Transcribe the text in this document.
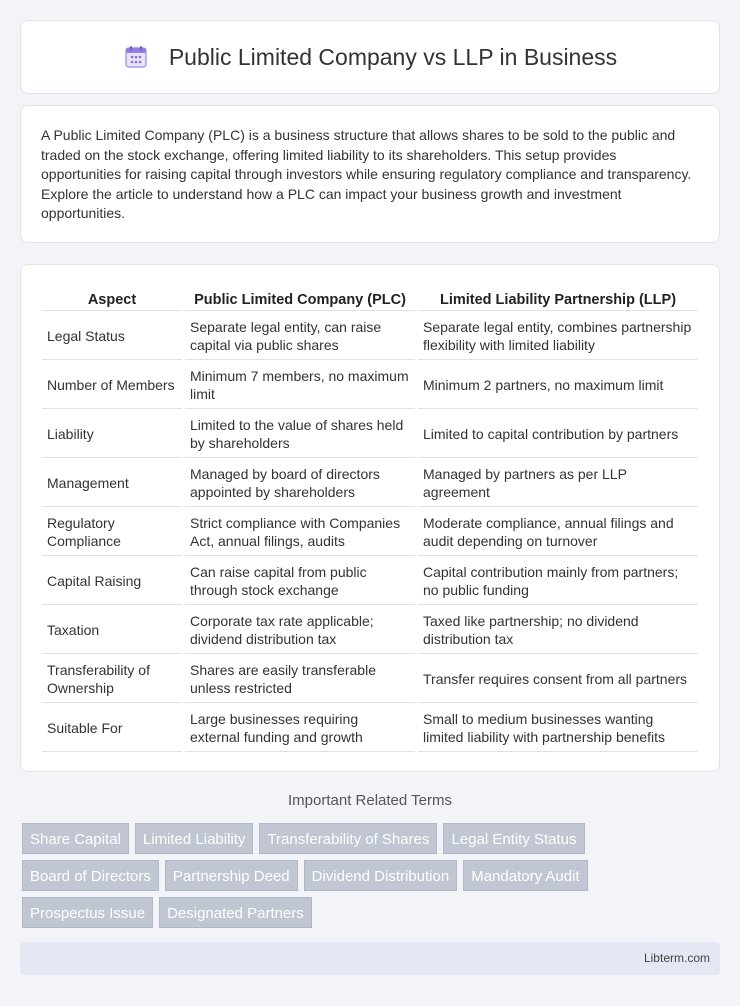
Public Limited Company vs LLP in Business

A Public Limited Company (PLC) is a business structure that allows shares to be sold to the public and traded on the stock exchange, offering limited liability to its shareholders. This setup provides opportunities for raising capital through investors while ensuring regulatory compliance and transparency. Explore the article to understand how a PLC can impact your business growth and investment opportunities.

Aspect	Public Limited Company (PLC)	Limited Liability Partnership (LLP)
Legal Status	Separate legal entity, can raise capital via public shares	Separate legal entity, combines partnership flexibility with limited liability
Number of Members	Minimum 7 members, no maximum limit	Minimum 2 partners, no maximum limit
Liability	Limited to the value of shares held by shareholders	Limited to capital contribution by partners
Management	Managed by board of directors appointed by shareholders	Managed by partners as per LLP agreement
Regulatory Compliance	Strict compliance with Companies Act, annual filings, audits	Moderate compliance, annual filings and audit depending on turnover
Capital Raising	Can raise capital from public through stock exchange	Capital contribution mainly from partners; no public funding
Taxation	Corporate tax rate applicable; dividend distribution tax	Taxed like partnership; no dividend distribution tax
Transferability of Ownership	Shares are easily transferable unless restricted	Transfer requires consent from all partners
Suitable For	Large businesses requiring external funding and growth	Small to medium businesses wanting limited liability with partnership benefits
Important Related Terms
Share Capital	Limited Liability	Transferability of Shares	Legal Entity Status
Board of Directors	Partnership Deed	Dividend Distribution	Mandatory Audit
Prospectus Issue	Designated Partners
Libterm.com
